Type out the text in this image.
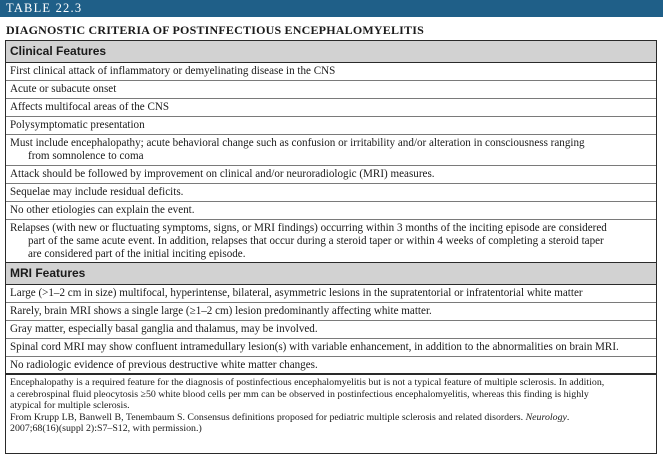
TABLE 22.3
DIAGNOSTIC CRITERIA OF POSTINFECTIOUS ENCEPHALOMYELITIS
Clinical Features
First clinical attack of inflammatory or demyelinating disease in the CNS
Acute or subacute onset
Affects multifocal areas of the CNS
Polysymptomatic presentation
Must include encephalopathy; acute behavioral change such as confusion or irritability and/or alteration in consciousness ranging
from somnolence to coma
Attack should be followed by improvement on clinical and/or neuroradiologic (MRI) measures.
Sequelae may include residual deficits.
No other etiologies can explain the event.
Relapses (with new or fluctuating symptoms, signs, or MRI findings) occurring within 3 months of the inciting episode are considered
part of the same acute event. In addition, relapses that occur during a steroid taper or within 4 weeks of completing a steroid taper
are considered part of the initial inciting episode.
MRI Features
Large (>1–2 cm in size) multifocal, hyperintense, bilateral, asymmetric lesions in the supratentorial or infratentorial white matter
Rarely, brain MRI shows a single large (≥1–2 cm) lesion predominantly affecting white matter.
Gray matter, especially basal ganglia and thalamus, may be involved.
Spinal cord MRI may show confluent intramedullary lesion(s) with variable enhancement, in addition to the abnormalities on brain MRI.
No radiologic evidence of previous destructive white matter changes.
Encephalopathy is a required feature for the diagnosis of postinfectious encephalomyelitis but is not a typical feature of multiple sclerosis. In addition,
a cerebrospinal fluid pleocytosis ≥50 white blood cells per mm can be observed in postinfectious encephalomyelitis, whereas this finding is highly
atypical for multiple sclerosis.
From Krupp LB, Banwell B, Tenembaum S. Consensus definitions proposed for pediatric multiple sclerosis and related disorders. Neurology.
2007;68(16)(suppl 2):S7–S12, with permission.)
